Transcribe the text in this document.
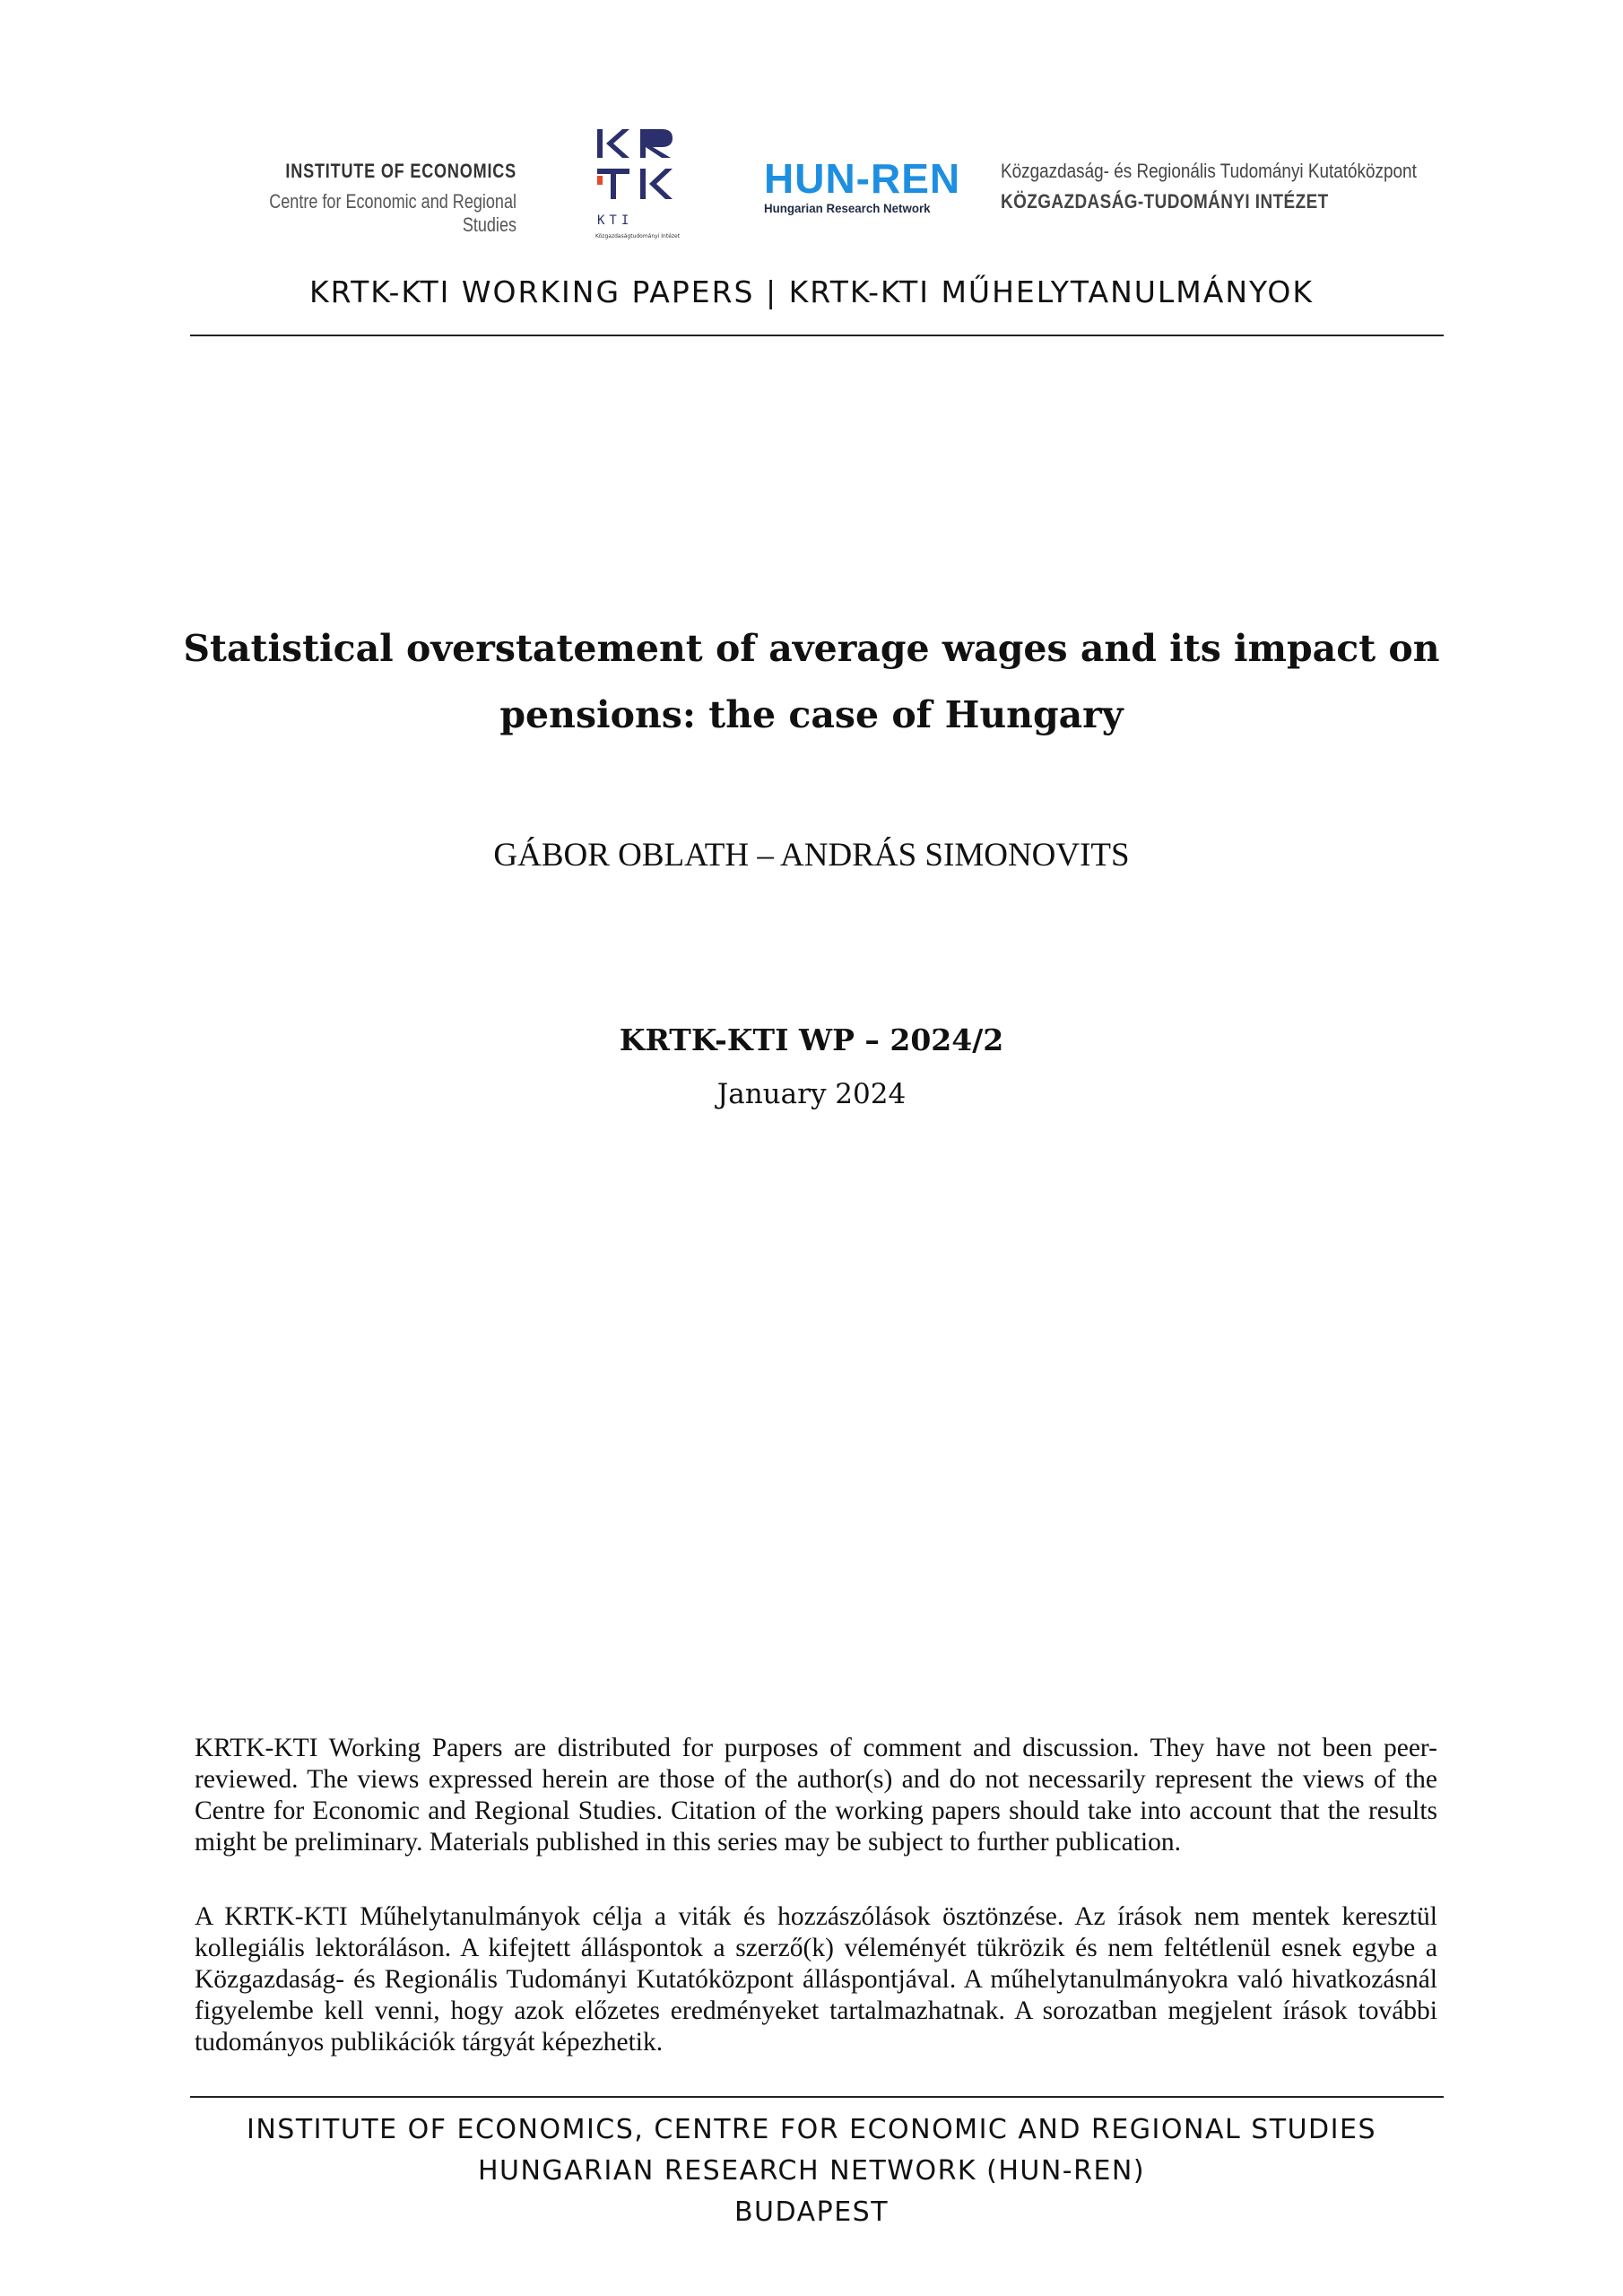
INSTITUTE OF ECONOMICS
Centre for Economic and Regional Studies	KTI
Közgazdaságtudományi Intézet
HUN-REN
Hungarian Research Network
Közgazdaság- és Regionális Tudományi Kutatóközpont
KÖZGAZDASÁG-TUDOMÁNYI INTÉZET
KRTK-KTI WORKING PAPERS | KRTK-KTI MŰHELYTANULMÁNYOK
Statistical overstatement of average wages and its impact on
pensions: the case of Hungary
GÁBOR OBLATH – ANDRÁS SIMONOVITS
KRTK-KTI WP – 2024/2
January 2024

KRTK-KTI Working Papers are distributed for purposes of comment and discussion. They have not been peer-reviewed. The views expressed herein are those of the author(s) and do not necessarily represent the views of the Centre for Economic and Regional Studies. Citation of the working papers should take into account that the results might be preliminary. Materials published in this series may be subject to further publication.

A KRTK-KTI Műhelytanulmányok célja a viták és hozzászólások ösztönzése. Az írások nem mentek keresztül kollegiális lektoráláson. A kifejtett álláspontok a szerző(k) véleményét tükrözik és nem feltétlenül esnek egybe a Közgazdaság- és Regionális Tudományi Kutatóközpont álláspontjával. A műhelytanulmányokra való hivatkozásnál figyelembe kell venni, hogy azok előzetes eredményeket tartalmazhatnak. A sorozatban megjelent írások további tudományos publikációk tárgyát képezhetik.

INSTITUTE OF ECONOMICS, CENTRE FOR ECONOMIC AND REGIONAL STUDIES
HUNGARIAN RESEARCH NETWORK (HUN-REN)
BUDAPEST
